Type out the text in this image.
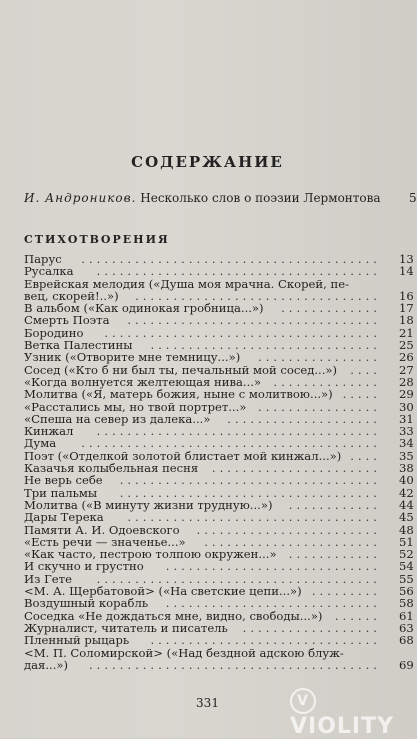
СОДЕРЖАНИЕ
И. Андроников. Несколько слов о поэзии Лермонтова 5
СТИХОТВОРЕНИЯ
Парус ....................................... 13
Русалка ..................................... 14
Еврейская мелодия («Душа моя мрачна. Скорей, пе-
вец, скорей!..») ................................ 16
В альбом («Как одинокая гробница...») ............. 17
Смерть Поэта ................................. 18
Бородино .................................... 21
Ветка Палестины .............................. 25
Узник («Отворите мне темницу...») ................ 26
Сосед («Кто б ни был ты, печальный мой сосед...») .... 27
«Когда волнуется желтеющая нива...» .............. 28
Молитва («Я, матерь божия, ныне с молитвою...») ..... 29
«Расстались мы, но твой портрет...» ................ 30
«Спеша на север из далека...» .................... 31
Кинжал ..................................... 33
Дума ....................................... 34
Поэт («Отделкой золотой блистает мой кинжал...») .... 35
Казачья колыбельная песня ...................... 38
Не верь себе .................................. 40
Три пальмы .................................. 42
Молитва («В минуту жизни трудную...») ............ 44
Дары Терека ................................. 45
Памяти А. И. Одоевского ........................ 48
«Есть речи — значенье...» ....................... 51
«Как часто, пестрою толпою окружен...» ............ 52
И скучно и грустно ............................ 54
Из Гете ..................................... 55
<М. А. Щербатовой> («На светские цепи...») ......... 56
Воздушный корабль ............................ 58
Соседка «Не дождаться мне, видно, свободы...») ...... 61
Журналист, читатель и писатель .................. 63
Пленный рыцарь .............................. 68
<М. П. Соломирской> («Над бездной адскою блуж-
дая...») ...................................... 69
331	VVIOLITY
